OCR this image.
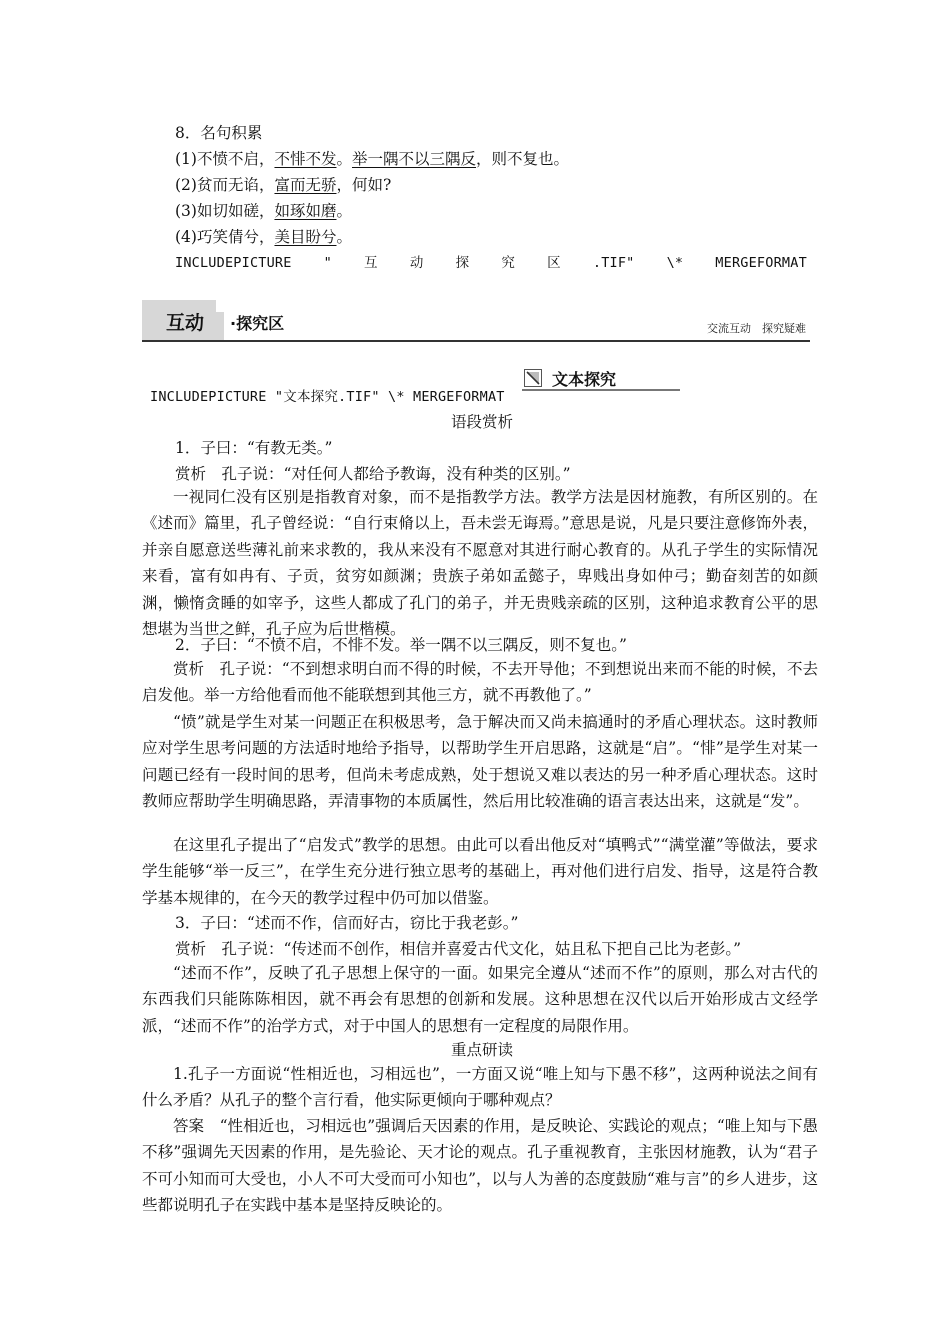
8．名句积累
(1)不愤不启，不悱不发。举一隅不以三隅反，则不复也。
(2)贫而无谄，富而无骄，何如?
(3)如切如磋，如琢如磨。
(4)巧笑倩兮，美目盼兮。
INCLUDEPICTURE " 互 动 探 究 区 .TIF" \* MERGEFORMAT
互动 ·探究区	交流互动　探究疑难
文本探究
INCLUDEPICTURE "文本探究.TIF" \* MERGEFORMAT
语段赏析
1．子曰：“有教无类。”
赏析　孔子说：“对任何人都给予教诲，没有种类的区别。”
一视同仁没有区别是指教育对象，而不是指教学方法。教学方法是因材施教，有所区别的。在《述而》篇里，孔子曾经说：“自行束脩以上，吾未尝无诲焉。”意思是说，凡是只要注意修饰外表，并亲自愿意送些薄礼前来求教的，我从来没有不愿意对其进行耐心教育的。从孔子学生的实际情况来看，富有如冉有、子贡，贫穷如颜渊；贵族子弟如孟懿子，卑贱出身如仲弓；勤奋刻苦的如颜渊，懒惰贪睡的如宰予，这些人都成了孔门的弟子，并无贵贱亲疏的区别，这种追求教育公平的思想堪为当世之鲜，孔子应为后世楷模。
2．子曰：“不愤不启，不悱不发。举一隅不以三隅反，则不复也。”
赏析　孔子说：“不到想求明白而不得的时候，不去开导他；不到想说出来而不能的时候，不去启发他。举一方给他看而他不能联想到其他三方，就不再教他了。”
“愤”就是学生对某一问题正在积极思考，急于解决而又尚未搞通时的矛盾心理状态。这时教师应对学生思考问题的方法适时地给予指导，以帮助学生开启思路，这就是“启”。“悱”是学生对某一问题已经有一段时间的思考，但尚未考虑成熟，处于想说又难以表达的另一种矛盾心理状态。这时教师应帮助学生明确思路，弄清事物的本质属性，然后用比较准确的语言表达出来，这就是“发”。
在这里孔子提出了“启发式”教学的思想。由此可以看出他反对“填鸭式”“满堂灌”等做法，要求学生能够“举一反三”，在学生充分进行独立思考的基础上，再对他们进行启发、指导，这是符合教学基本规律的，在今天的教学过程中仍可加以借鉴。
3．子曰：“述而不作，信而好古，窃比于我老彭。”
赏析　孔子说：“传述而不创作，相信并喜爱古代文化，姑且私下把自己比为老彭。”
“述而不作”，反映了孔子思想上保守的一面。如果完全遵从“述而不作”的原则，那么对古代的东西我们只能陈陈相因，就不再会有思想的创新和发展。这种思想在汉代以后开始形成古文经学派，“述而不作”的治学方式，对于中国人的思想有一定程度的局限作用。
重点研读
1.孔子一方面说“性相近也，习相远也”，一方面又说“唯上知与下愚不移”，这两种说法之间有什么矛盾？从孔子的整个言行看，他实际更倾向于哪种观点？
答案　“性相近也，习相远也”强调后天因素的作用，是反映论、实践论的观点；“唯上知与下愚不移”强调先天因素的作用，是先验论、天才论的观点。孔子重视教育，主张因材施教，认为“君子不可小知而可大受也，小人不可大受而可小知也”，以与人为善的态度鼓励“难与言”的乡人进步，这些都说明孔子在实践中基本是坚持反映论的。
